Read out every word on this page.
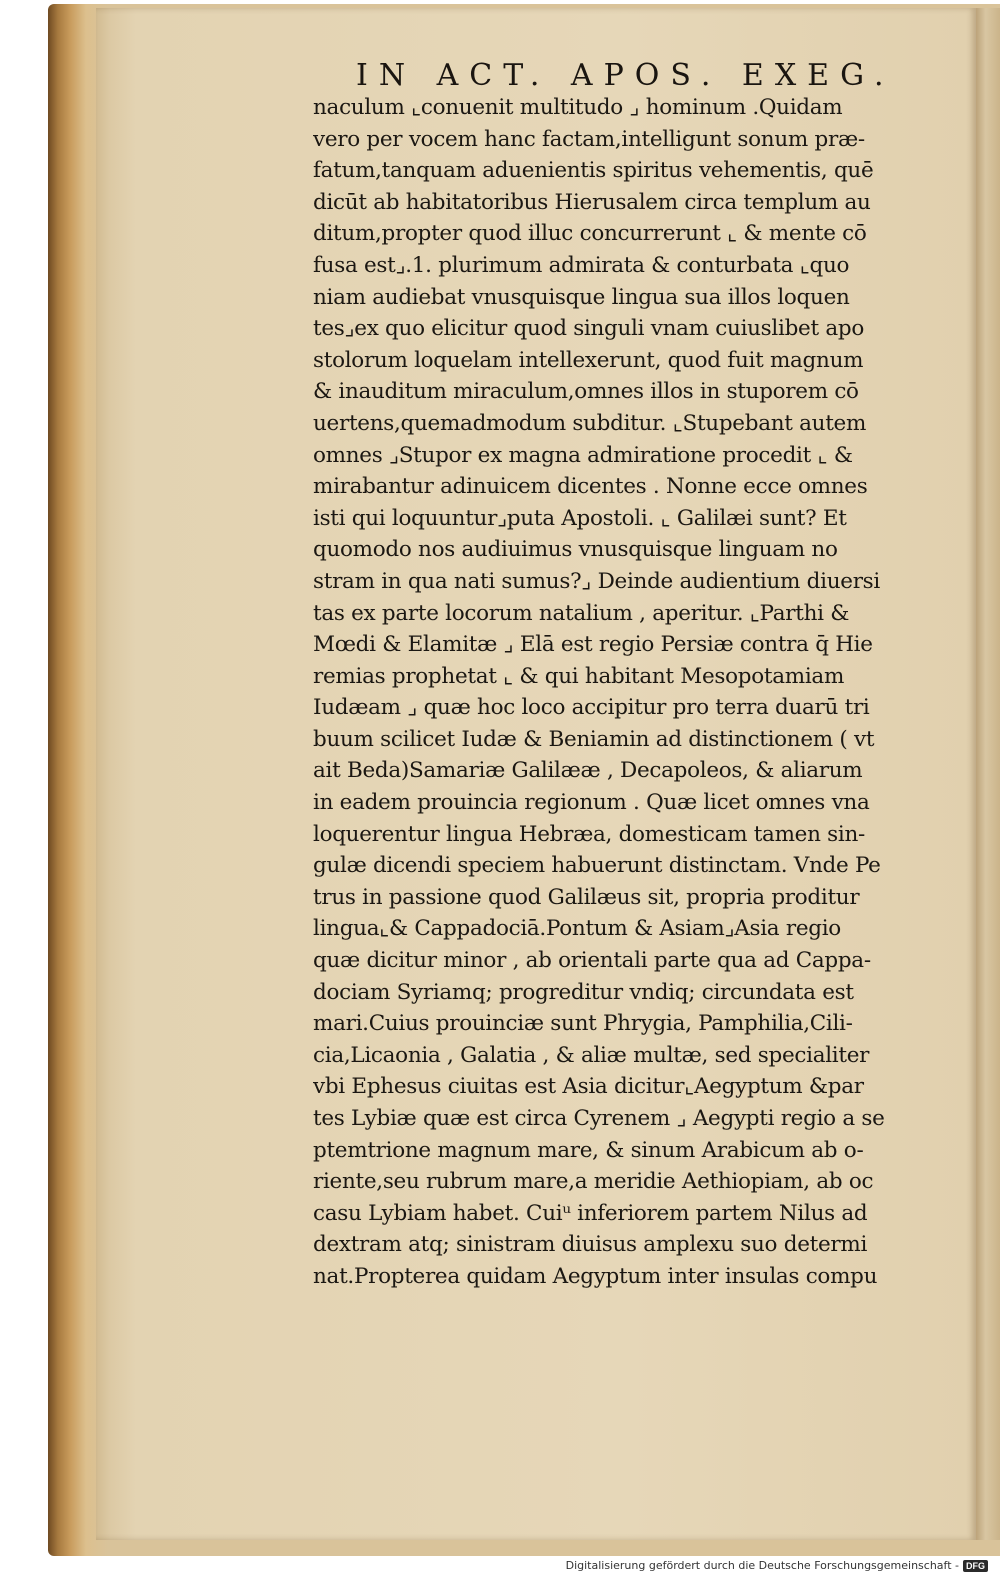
IN ACT. APOS. EXEG.
naculum ⌞conuenit multitudo ⌟ hominum .Quidam
vero per vocem hanc factam,intelligunt sonum præ-
fatum,tanquam aduenientis spiritus vehementis, quē
dicūt ab habitatoribus Hierusalem circa templum au
ditum,propter quod illuc concurrerunt ⌞ & mente cō
fusa est⌟.1. plurimum admirata & conturbata ⌞quo
niam audiebat vnusquisque lingua sua illos loquen
tes⌟ex quo elicitur quod singuli vnam cuiuslibet apo
stolorum loquelam intellexerunt, quod fuit magnum
& inauditum miraculum,omnes illos in stuporem cō
uertens,quemadmodum subditur. ⌞Stupebant autem
omnes ⌟Stupor ex magna admiratione procedit ⌞ &
mirabantur adinuicem dicentes . Nonne ecce omnes
isti qui loquuntur⌟puta Apostoli. ⌞ Galilæi sunt? Et
quomodo nos audiuimus vnusquisque linguam no
stram in qua nati sumus?⌟ Deinde audientium diuersi
tas ex parte locorum natalium , aperitur. ⌞Parthi &
Mœdi & Elamitæ ⌟ Elā est regio Persiæ contra q̄ Hie
remias prophetat ⌞ & qui habitant Mesopotamiam
Iudæam ⌟ quæ hoc loco accipitur pro terra duarū tri
buum scilicet Iudæ & Beniamin ad distinctionem ( vt
ait Beda)Samariæ Galilææ , Decapoleos, & aliarum
in eadem prouincia regionum . Quæ licet omnes vna
loquerentur lingua Hebræa, domesticam tamen sin-
gulæ dicendi speciem habuerunt distinctam. Vnde Pe
trus in passione quod Galilæus sit, propria proditur
lingua⌞& Cappadociā.Pontum & Asiam⌟Asia regio
quæ dicitur minor , ab orientali parte qua ad Cappa-
dociam Syriamq; progreditur vndiq; circundata est
mari.Cuius prouinciæ sunt Phrygia, Pamphilia,Cili-
cia,Licaonia , Galatia , & aliæ multæ, sed specialiter
vbi Ephesus ciuitas est Asia dicitur⌞Aegyptum &par
tes Lybiæ quæ est circa Cyrenem ⌟ Aegypti regio a se
ptemtrione magnum mare, & sinum Arabicum ab o-
riente,seu rubrum mare,a meridie Aethiopiam, ab oc
casu Lybiam habet. Cuiᵘ inferiorem partem Nilus ad
dextram atq; sinistram diuisus amplexu suo determi
nat.Propterea quidam Aegyptum inter insulas compu
Digitalisierung gefördert durch die Deutsche Forschungsgemeinschaft - DFG
